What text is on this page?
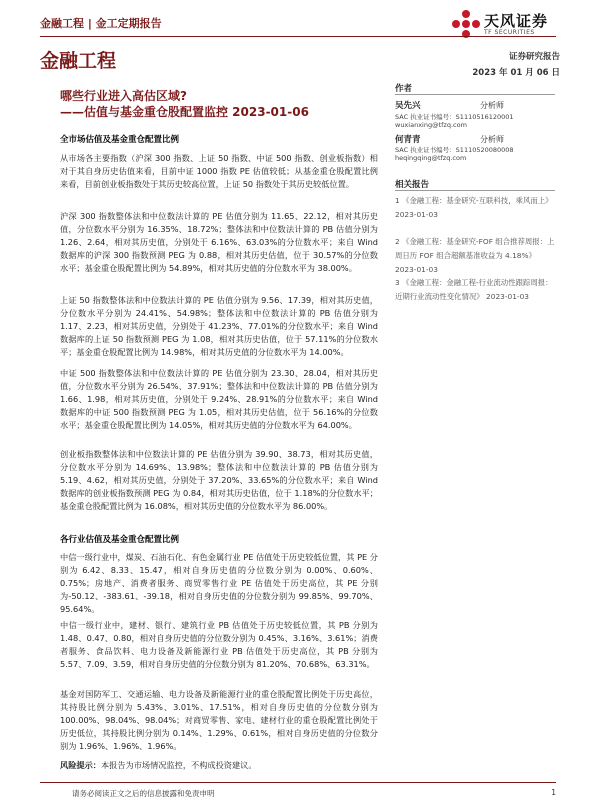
金融工程 | 金工定期报告	天风证券
TF SECURITIES
金融工程	证券研究报告
2023 年 01 月 06 日
哪些行业进入高估区域?
——估值与基金重仓股配置监控 2023-01-06
全市场估值及基金重仓配置比例

从市场各主要指数（沪深 300 指数、上证 50 指数、中证 500 指数、创业板指数）相对于其自身历史估值来看，目前中证 1000 指数 PE 估值较低；从基金重仓股配置比例来看，目前创业板指数处于其历史较高位置，上证 50 指数处于其历史较低位置。

沪深 300 指数整体法和中位数法计算的 PE 估值分别为 11.65、22.12，相对其历史值，分位数水平分别为 16.35%、18.72%；整体法和中位数法计算的 PB 估值分别为 1.26、2.64，相对其历史值，分别处于 6.16%、63.03%的分位数水平；来自 Wind 数据库的沪深 300 指数预测 PEG 为 0.88，相对其历史估值，位于 30.57%的分位数水平；基金重仓股配置比例为 54.89%，相对其历史值的分位数水平为 38.00%。

上证 50 指数整体法和中位数法计算的 PE 估值分别为 9.56、17.39，相对其历史值，分位数水平分别为 24.41%、54.98%；整体法和中位数法计算的 PB 估值分别为 1.17、2.23，相对其历史值，分别处于 41.23%、77.01%的分位数水平；来自 Wind 数据库的上证 50 指数预测 PEG 为 1.08，相对其历史估值，位于 57.11%的分位数水平；基金重仓股配置比例为 14.98%，相对其历史值的分位数水平为 14.00%。

中证 500 指数整体法和中位数法计算的 PE 估值分别为 23.30、28.04，相对其历史值，分位数水平分别为 26.54%、37.91%；整体法和中位数法计算的 PB 估值分别为 1.66、1.98，相对其历史值，分别处于 9.24%、28.91%的分位数水平；来自 Wind 数据库的中证 500 指数预测 PEG 为 1.05，相对其历史估值，位于 56.16%的分位数水平；基金重仓股配置比例为 14.05%，相对其历史值的分位数水平为 64.00%。

创业板指数整体法和中位数法计算的 PE 估值分别为 39.90、38.73，相对其历史值，分位数水平分别为 14.69%、13.98%；整体法和中位数法计算的 PB 估值分别为 5.19、4.62，相对其历史值，分别处于 37.20%、33.65%的分位数水平；来自 Wind 数据库的创业板指数预测 PEG 为 0.84，相对其历史估值，位于 1.18%的分位数水平；基金重仓股配置比例为 16.08%，相对其历史值的分位数水平为 86.00%。

各行业估值及基金重仓配置比例

中信一级行业中，煤炭、石油石化、有色金属行业 PE 估值处于历史较低位置，其 PE 分别为 6.42、8.33、15.47，相对自身历史值的分位数分别为 0.00%、0.60%、0.75%；房地产、消费者服务、商贸零售行业 PE 估值处于历史高位，其 PE 分别为-50.12、-383.61、-39.18，相对自身历史值的分位数分别为 99.85%、99.70%、95.64%。

中信一级行业中，建材、银行、建筑行业 PB 估值处于历史较低位置，其 PB 分别为 1.48、0.47、0.80，相对自身历史值的分位数分别为 0.45%、3.16%、3.61%；消费者服务、食品饮料、电力设备及新能源行业 PB 估值处于历史高位，其 PB 分别为 5.57、7.09、3.59，相对自身历史值的分位数分别为 81.20%、70.68%、63.31%。

基金对国防军工、交通运输、电力设备及新能源行业的重仓股配置比例处于历史高位，其持股比例分别为 5.43%、3.01%、17.51%，相对自身历史值的分位数分别为 100.00%、98.04%、98.04%；对商贸零售、家电、建材行业的重仓股配置比例处于历史低位，其持股比例分别为 0.14%、1.29%、0.61%，相对自身历史值的分位数分别为 1.96%、1.96%、1.96%。

风险提示：本报告为市场情况监控，不构成投资建议。
作者
吴先兴	分析师
SAC 执业证书编号：S1110516120001
wuxianxing@tfzq.com
何青青	分析师
SAC 执业证书编号：S1110520080008
heqingqing@tfzq.com
相关报告
1 《金融工程：基金研究-互联科技，乘风而上》 2023-01-03
2 《金融工程：基金研究-FOF 组合推荐周报：上周日历 FOF 组合超额基准收益为 4.18%》 2023-01-03
3 《金融工程：金融工程-行业流动性跟踪周报：近期行业流动性变化情况》 2023-01-03
请务必阅读正文之后的信息披露和免责申明	1
